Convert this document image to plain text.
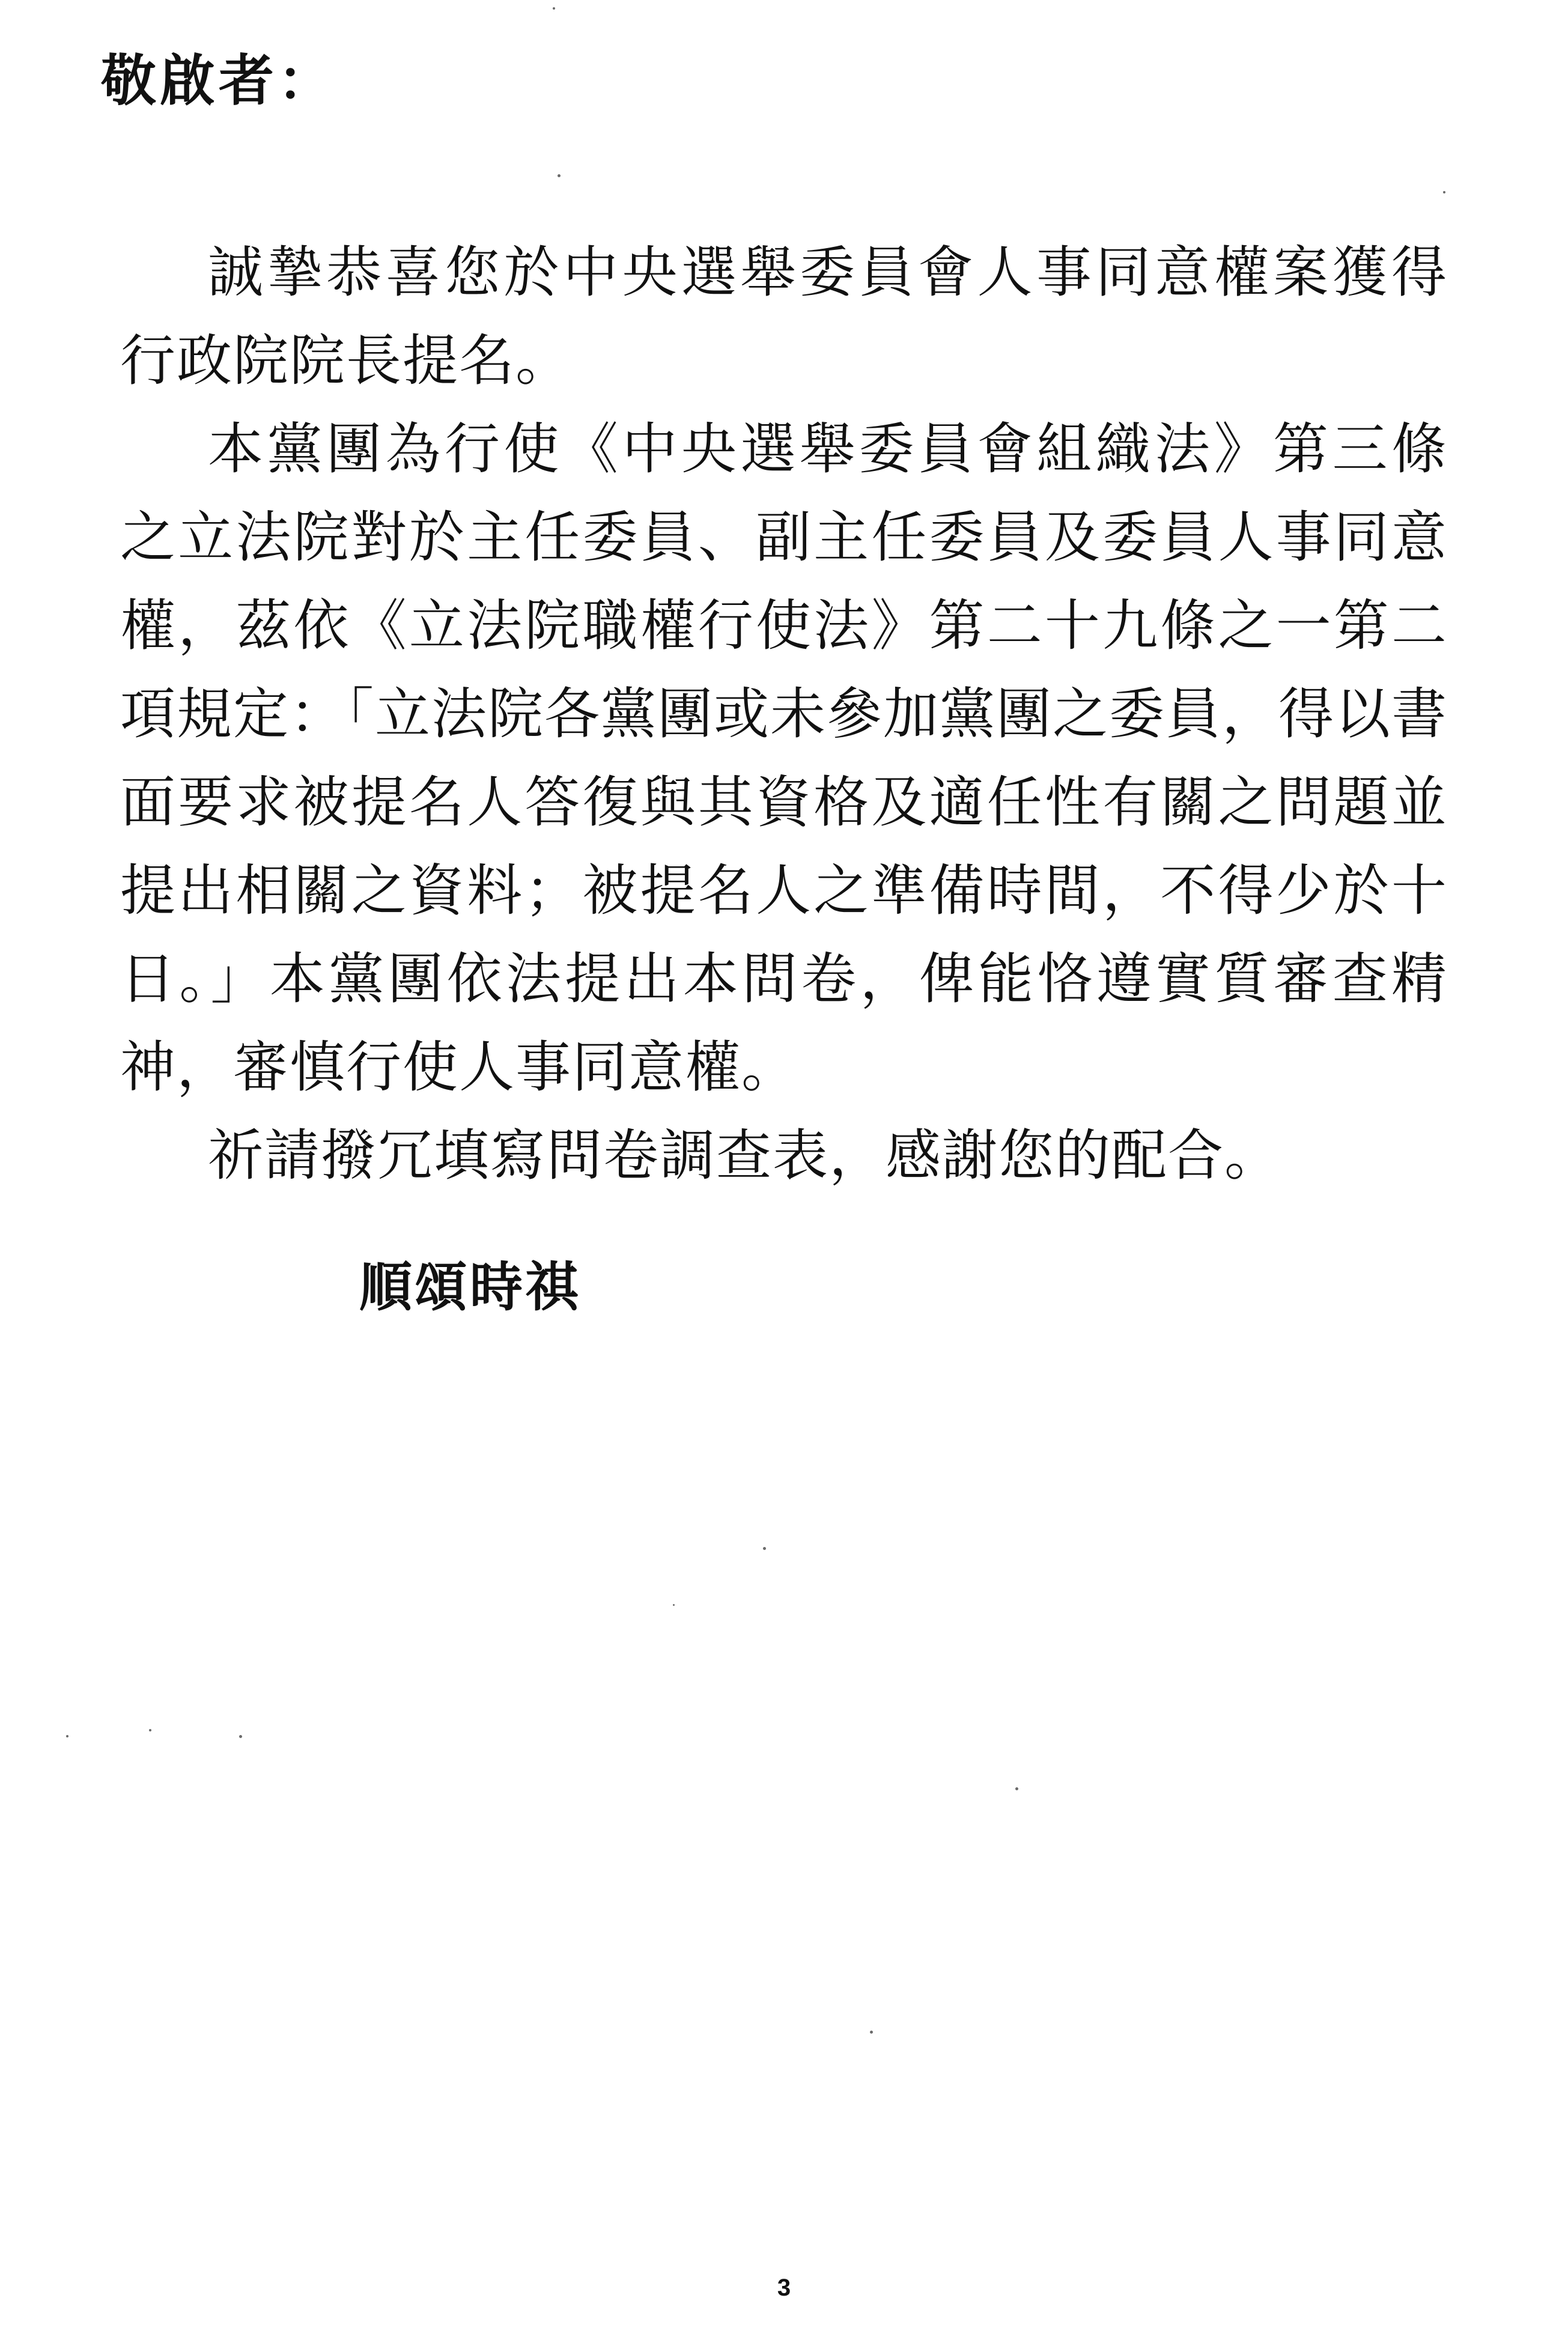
敬啟者：

誠摯恭喜您於中央選舉委員會人事同意權案獲得行政院院長提名。

本黨團為行使《中央選舉委員會組織法》第三條之立法院對於主任委員、副主任委員及委員人事同意權，茲依《立法院職權行使法》第二十九條之一第二項規定：「立法院各黨團或未參加黨團之委員，得以書面要求被提名人答復與其資格及適任性有關之問題並提出相關之資料；被提名人之準備時間，不得少於十日。」本黨團依法提出本問卷，俾能恪遵實質審查精神，審慎行使人事同意權。

祈請撥冗填寫問卷調查表，感謝您的配合。

順頌時祺
3
